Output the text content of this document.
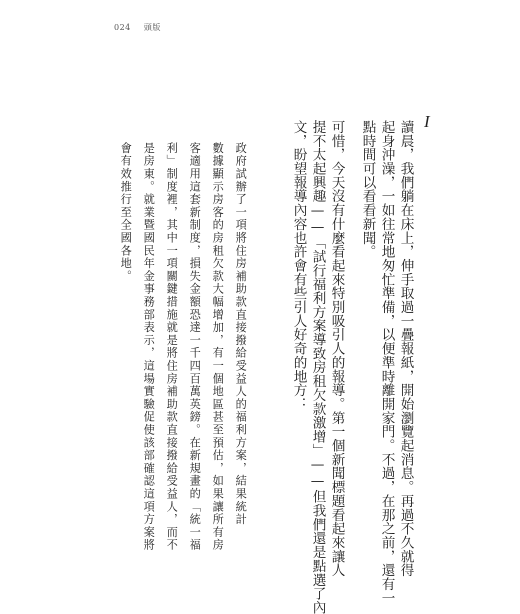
024 頭版
I
讀晨，我們躺在床上，伸手取過一疊報紙，開始瀏覽起消息。再過不久就得
起身沖澡，一如往常地匆忙準備，以便準時離開家門。不過，在那之前，還有一
點時間可以看看新聞。
可惜，今天沒有什麼看起來特別吸引人的報導。第一個新聞標題看起來讓人
提不太起興趣——「試行福利方案導致房租欠款激增」——但我們還是點選了內
文，盼望報導內容也許會有些引人好奇的地方：
政府試辦了一項將住房補助款直接撥給受益人的福利方案，結果統計
數據顯示房客的房租欠款大幅增加，有一個地區甚至預估，如果讓所有房
客適用這套新制度，損失金額恐達一千四百萬英鎊。在新規畫的「統一福
利」制度裡，其中一項關鍵措施就是將住房補助款直接撥給受益人，而不
是房東。就業暨國民年金事務部表示，這場實驗促使該部確認這項方案將
會有效推行至全國各地。
